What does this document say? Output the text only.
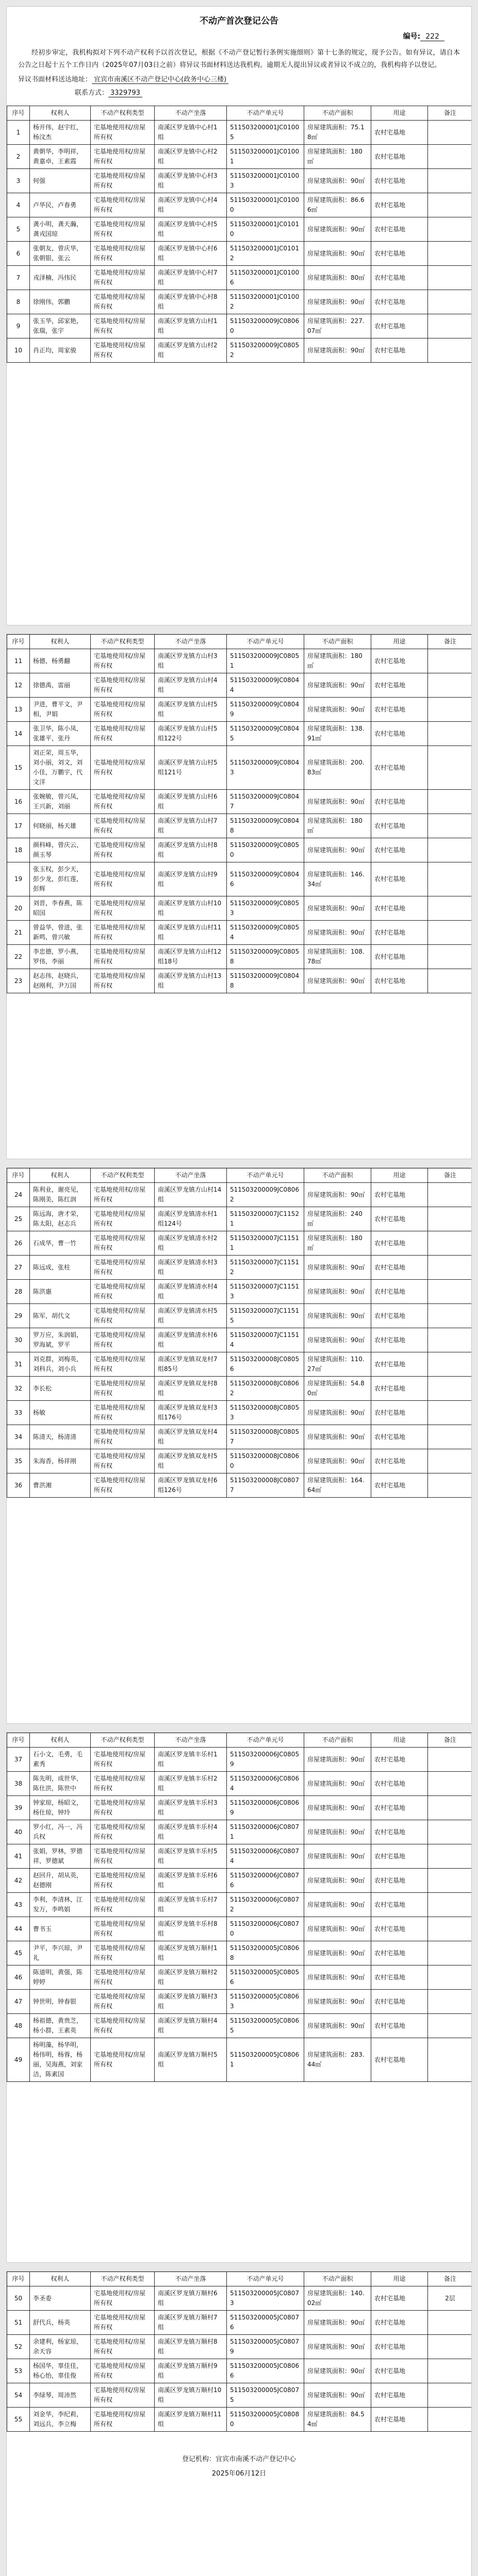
不动产首次登记公告
编号: 222
经初步审定，我机构拟对下列不动产权利予以首次登记，根据《不动产登记暂行条例实施细则》第十七条的规定，现予公告。如有异议，请自本公告之日起十五个工作日内（2025年07月03日之前）将异议书面材料送达我机构。逾期无人提出异议或者异议不成立的，我机构将予以登记。
异议书面材料送达地址： 宜宾市南溪区不动产登记中心(政务中心三楼)
联系方式： 3329793
序号	权利人	不动产权利类型	不动产坐落	不动产单元号	不动产面积	用途	备注
1	杨开伟，赵宇红，杨汶杰	宅基地使用权/房屋所有权	南溪区罗龙镇中心村1组	511503200001JC01005	房屋建筑面积：75.18㎡	农村宅基地	
2	黄朝华，李明祥，黄嘉卓，王素霞	宅基地使用权/房屋所有权	南溪区罗龙镇中心村2组	511503200001JC01001	房屋建筑面积：180㎡	农村宅基地	
3	何强	宅基地使用权/房屋所有权	南溪区罗龙镇中心村3组	511503200001JC01003	房屋建筑面积：90㎡	农村宅基地	
4	卢华民，卢春勇	宅基地使用权/房屋所有权	南溪区罗龙镇中心村4组	511503200001JC01000	房屋建筑面积：86.66㎡	农村宅基地	
5	龚小明，龚天瀚，龚戎国琼	宅基地使用权/房屋所有权	南溪区罗龙镇中心村5组	511503200001JC01010	房屋建筑面积：90㎡	农村宅基地	
6	张朝友，曾庆华，张朝银，张云	宅基地使用权/房屋所有权	南溪区罗龙镇中心村6组	511503200001JC01012	房屋建筑面积：90㎡	农村宅基地	
7	戎泽楠，冯伟民	宅基地使用权/房屋所有权	南溪区罗龙镇中心村7组	511503200001JC01006	房屋建筑面积：80㎡	农村宅基地	
8	徐刚伟，郭鹏	宅基地使用权/房屋所有权	南溪区罗龙镇中心村8组	511503200001JC01002	房屋建筑面积：90㎡	农村宅基地	
9	张玉华，邱家艳，张瑞，张宇	宅基地使用权/房屋所有权	南溪区罗龙镇方山村1组	511503200009JC08060	房屋建筑面积：227.07㎡	农村宅基地	
10	肖正均，周家骏	宅基地使用权/房屋所有权	南溪区罗龙镇方山村2组	511503200009JC08052	房屋建筑面积：90㎡	农村宅基地	
序号	权利人	不动产权利类型	不动产坐落	不动产单元号	不动产面积	用途	备注
11	杨德，杨勇翻	宅基地使用权/房屋所有权	南溪区罗龙镇方山村3组	511503200009JC08051	房屋建筑面积：180㎡	农村宅基地	
12	徐德禹，雷丽	宅基地使用权/房屋所有权	南溪区罗龙镇方山村4组	511503200009JC08044	房屋建筑面积：90㎡	农村宅基地	
13	尹进，曹平文，尹相，尹娟	宅基地使用权/房屋所有权	南溪区罗龙镇方山村5组	511503200009JC08049	房屋建筑面积：90㎡	农村宅基地	
14	张卫华，陈小凤，张雄平，张丹	宅基地使用权/房屋所有权	南溪区罗龙镇方山村5组122号	511503200009JC08045	房屋建筑面积：138.91㎡	农村宅基地	
15	刘正荣，周玉华，刘小丽，刘文，刘小佳，万鹏宇，代文洋	宅基地使用权/房屋所有权	南溪区罗龙镇方山村5组121号	511503200009JC08043	房屋建筑面积：200.83㎡	农村宅基地	
16	张婉敏，曾兴凤，王兴新，刘丽	宅基地使用权/房屋所有权	南溪区罗龙镇方山村6组	511503200009JC08047	房屋建筑面积：90㎡	农村宅基地	
17	何晓丽，杨天雄	宅基地使用权/房屋所有权	南溪区罗龙镇方山村7组	511503200009JC08048	房屋建筑面积：180㎡	农村宅基地	
18	颜科峰，曾庆云，颜玉琴	宅基地使用权/房屋所有权	南溪区罗龙镇方山村8组	511503200009JC08050	房屋建筑面积：90㎡	农村宅基地	
19	张玉权，彭少天，彭少龙，彭红莲，彭辉	宅基地使用权/房屋所有权	南溪区罗龙镇方山村9组	511503200009JC08046	房屋建筑面积：146.34㎡	农村宅基地	
20	刘晋，李春燕，陈昭国	宅基地使用权/房屋所有权	南溪区罗龙镇方山村10组	511503200009JC08053	房屋建筑面积：90㎡	农村宅基地	
21	曾益华，曾进，张新鸣，曾兴敏	宅基地使用权/房屋所有权	南溪区罗龙镇方山村11组	511503200009JC08054	房屋建筑面积：90㎡	农村宅基地	
22	李忠德，罗小燕，罗伟，李丽	宅基地使用权/房屋所有权	南溪区罗龙镇方山村12组18号	511503200009JC08058	房屋建筑面积：108.78㎡	农村宅基地	
23	赵志伟，赵晓兵，赵刚利，尹万国	宅基地使用权/房屋所有权	南溪区罗龙镇方山村13组	511503200009JC08048	房屋建筑面积：90㎡	农村宅基地	
序号	权利人	不动产权利类型	不动产坐落	不动产单元号	不动产面积	用途	备注
24	陈利业，谢亮见，陈刚美，陈红润	宅基地使用权/房屋所有权	南溪区罗龙镇方山村14组	511503200009JC08062	房屋建筑面积：90㎡	农村宅基地	
25	陈远海，唐才荣，陈太阳，赵志兵	宅基地使用权/房屋所有权	南溪区罗龙镇清水村1组124号	511503200007JC11521	房屋建筑面积：240㎡	农村宅基地	
26	石成华，曹一竹	宅基地使用权/房屋所有权	南溪区罗龙镇清水村2组	511503200007JC11511	房屋建筑面积：180㎡	农村宅基地	
27	陈远成，张柱	宅基地使用权/房屋所有权	南溪区罗龙镇清水村3组	511503200007JC11512	房屋建筑面积：90㎡	农村宅基地	
28	陈洪惠	宅基地使用权/房屋所有权	南溪区罗龙镇清水村4组	511503200007JC11513	房屋建筑面积：90㎡	农村宅基地	
29	陈军，胡代文	宅基地使用权/房屋所有权	南溪区罗龙镇清水村5组	511503200007JC11515	房屋建筑面积：90㎡	农村宅基地	
30	罗万应，朱润娟，罗海斌，罗平	宅基地使用权/房屋所有权	南溪区罗龙镇清水村6组	511503200007JC11514	房屋建筑面积：90㎡	农村宅基地	
31	刘克群，刘梅英，刘科兵，刘小兵	宅基地使用权/房屋所有权	南溪区罗龙镇双龙村7组85号	511503200008JC08056	房屋建筑面积：110.27㎡	农村宅基地	
32	李长松	宅基地使用权/房屋所有权	南溪区罗龙镇双龙村8组	511503200008JC08062	房屋建筑面积：54.80㎡	农村宅基地	
33	杨敏	宅基地使用权/房屋所有权	南溪区罗龙镇双龙村3组176号	511503200008JC08053	房屋建筑面积：90㎡	农村宅基地	
34	陈清天，杨清清	宅基地使用权/房屋所有权	南溪区罗龙镇双龙村4组	511503200008JC08057	房屋建筑面积：90㎡	农村宅基地	
35	朱海香，杨祥刚	宅基地使用权/房屋所有权	南溪区罗龙镇双龙村5组	511503200008JC08060	房屋建筑面积：90㎡	农村宅基地	
36	曹洪湘	宅基地使用权/房屋所有权	南溪区罗龙镇双龙村6组126号	511503200008JC08077	房屋建筑面积：164.64㎡	农村宅基地	
序号	权利人	不动产权利类型	不动产坐落	不动产单元号	不动产面积	用途	备注
37	石小文，毛勇，毛素秀	宅基地使用权/房屋所有权	南溪区罗龙镇丰乐村1组	511503200006JC08059	房屋建筑面积：90㎡	农村宅基地	
38	陈先明，成世华，陈仕洪，陈世中	宅基地使用权/房屋所有权	南溪区罗龙镇丰乐村2组	511503200006JC08064	房屋建筑面积：90㎡	农村宅基地	
39	钟家琼，杨昭文，杨仕琼，钟玲	宅基地使用权/房屋所有权	南溪区罗龙镇丰乐村3组	511503200006JC08069	房屋建筑面积：90㎡	农村宅基地	
40	罗小红，冯一，冯兵权	宅基地使用权/房屋所有权	南溪区罗龙镇丰乐村4组	511503200006JC08071	房屋建筑面积：90㎡	农村宅基地	
41	张娟，罗林，罗德祥，罗德斌	宅基地使用权/房屋所有权	南溪区罗龙镇丰乐村5组	511503200006JC08074	房屋建筑面积：90㎡	农村宅基地	
42	赵回升，胡从英，赵德刚	宅基地使用权/房屋所有权	南溪区罗龙镇丰乐村6组	511503200006JC08076	房屋建筑面积：90㎡	农村宅基地	
43	李利，李清林，江发万，李鸣娟	宅基地使用权/房屋所有权	南溪区罗龙镇丰乐村7组	511503200006JC08072	房屋建筑面积：90㎡	农村宅基地	
44	曹书玉	宅基地使用权/房屋所有权	南溪区罗龙镇丰乐村8组	511503200006JC08070	房屋建筑面积：90㎡	农村宅基地	
45	尹平，李兴琼，尹礼	宅基地使用权/房屋所有权	南溪区罗龙镇万顺村1组	511503200005JC08068	房屋建筑面积：90㎡	农村宅基地	
46	陈道明，黄强，陈婷婷	宅基地使用权/房屋所有权	南溪区罗龙镇万顺村2组	511503200005JC08056	房屋建筑面积：90㎡	农村宅基地	
47	钟世明，钟春银	宅基地使用权/房屋所有权	南溪区罗龙镇万顺村3组	511503200005JC08063	房屋建筑面积：90㎡	农村宅基地	
48	杨祖德，黄贵芝，杨小群，王素英	宅基地使用权/房屋所有权	南溪区罗龙镇万顺村4组	511503200005JC08065	房屋建筑面积：90㎡	农村宅基地	
49	杨明藻，杨华明，杨伟明，杨蓉，杨丽，吴海燕，刘家洁，陈素国	宅基地使用权/房屋所有权	南溪区罗龙镇万顺村5组	511503200005JC08061	房屋建筑面积：283.44㎡	农村宅基地	
序号	权利人	不动产权利类型	不动产坐落	不动产单元号	不动产面积	用途	备注
50	李圣委	宅基地使用权/房屋所有权	南溪区罗龙镇万顺村6组	511503200005JC08073	房屋建筑面积：140.02㎡	农村宅基地	2层
51	舒代兵，杨英	宅基地使用权/房屋所有权	南溪区罗龙镇万顺村7组	511503200005JC08076	房屋建筑面积：90㎡	农村宅基地	
52	余建利，杨家琼，余天容	宅基地使用权/房屋所有权	南溪区罗龙镇万顺村8组	511503200005JC08079	房屋建筑面积：90㎡	农村宅基地	
53	杨国华，辜佳佳，杨心怡，辜佳俊	宅基地使用权/房屋所有权	南溪区罗龙镇万顺村9组	511503200005JC08066	房屋建筑面积：90㎡	农村宅基地	
54	李绿琴，周沛然	宅基地使用权/房屋所有权	南溪区罗龙镇万顺村10组	511503200005JC08075	房屋建筑面积：90㎡	农村宅基地	
55	刘金华，李纪莉，刘远兵，李立梅	宅基地使用权/房屋所有权	南溪区罗龙镇万顺村11组	511503200005JC08080	房屋建筑面积：84.54㎡	农村宅基地	
登记机构：宜宾市南溪不动产登记中心
2025年06月12日
